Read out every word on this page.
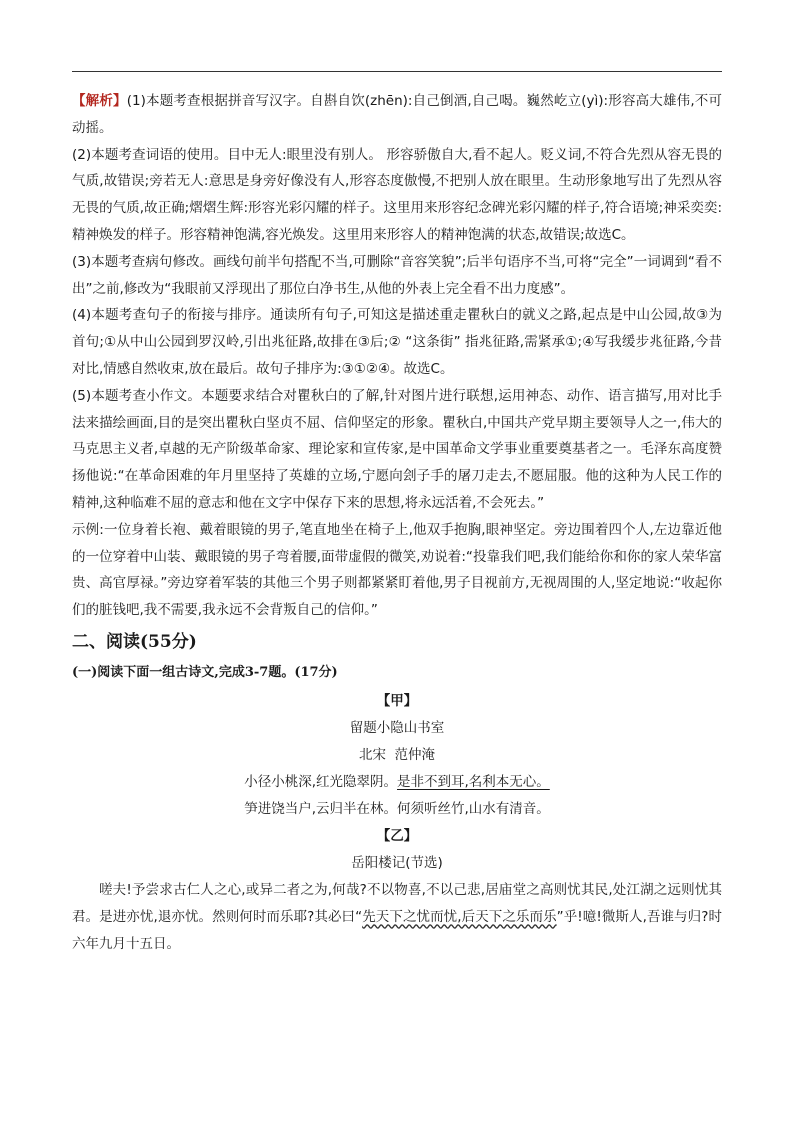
【解析】(1)本题考查根据拼音写汉字。自斟自饮(zhēn):自己倒酒,自己喝。巍然屹立(yì):形容高大雄伟,不可动摇。

(2)本题考查词语的使用。目中无人:眼里没有别人。 形容骄傲自大,看不起人。贬义词,不符合先烈从容无畏的气质,故错误;旁若无人:意思是身旁好像没有人,形容态度傲慢,不把别人放在眼里。生动形象地写出了先烈从容无畏的气质,故正确;熠熠生辉:形容光彩闪耀的样子。这里用来形容纪念碑光彩闪耀的样子,符合语境;神采奕奕:精神焕发的样子。形容精神饱满,容光焕发。这里用来形容人的精神饱满的状态,故错误;故选C。

(3)本题考查病句修改。画线句前半句搭配不当,可删除“音容笑貌”;后半句语序不当,可将“完全”一词调到“看不出”之前,修改为“我眼前又浮现出了那位白净书生,从他的外表上完全看不出力度感”。

(4)本题考查句子的衔接与排序。通读所有句子,可知这是描述重走瞿秋白的就义之路,起点是中山公园,故③为首句;①从中山公园到罗汉岭,引出兆征路,故排在③后;② “这条街” 指兆征路,需紧承①;④写我缓步兆征路,今昔对比,情感自然收束,放在最后。故句子排序为:③①②④。故选C。

(5)本题考查小作文。本题要求结合对瞿秋白的了解,针对图片进行联想,运用神态、动作、语言描写,用对比手法来描绘画面,目的是突出瞿秋白坚贞不屈、信仰坚定的形象。瞿秋白,中国共产党早期主要领导人之一,伟大的马克思主义者,卓越的无产阶级革命家、理论家和宣传家,是中国革命文学事业重要奠基者之一。毛泽东高度赞扬他说:“在革命困难的年月里坚持了英雄的立场,宁愿向刽子手的屠刀走去,不愿屈服。他的这种为人民工作的精神,这种临难不屈的意志和他在文字中保存下来的思想,将永远活着,不会死去。”

示例:一位身着长袍、戴着眼镜的男子,笔直地坐在椅子上,他双手抱胸,眼神坚定。旁边围着四个人,左边靠近他的一位穿着中山装、戴眼镜的男子弯着腰,面带虚假的微笑,劝说着:“投靠我们吧,我们能给你和你的家人荣华富贵、高官厚禄。”旁边穿着军装的其他三个男子则都紧紧盯着他,男子目视前方,无视周围的人,坚定地说:“收起你们的脏钱吧,我不需要,我永远不会背叛自己的信仰。”

二、阅读(55分)

(一)阅读下面一组古诗文,完成3-7题。(17分)

【甲】

留题小隐山书室

北宋  范仲淹

小径小桃深,红光隐翠阴。是非不到耳,名利本无心。

笋进饶当户,云归半在林。何须听丝竹,山水有清音。

【乙】

岳阳楼记(节选)

嗟夫!予尝求古仁人之心,或异二者之为,何哉?不以物喜,不以己悲,居庙堂之高则忧其民,处江湖之远则忧其君。是进亦忧,退亦忧。然则何时而乐耶?其必曰“先天下之忧而忧,后天下之乐而乐”乎!噫!微斯人,吾谁与归?时六年九月十五日。
